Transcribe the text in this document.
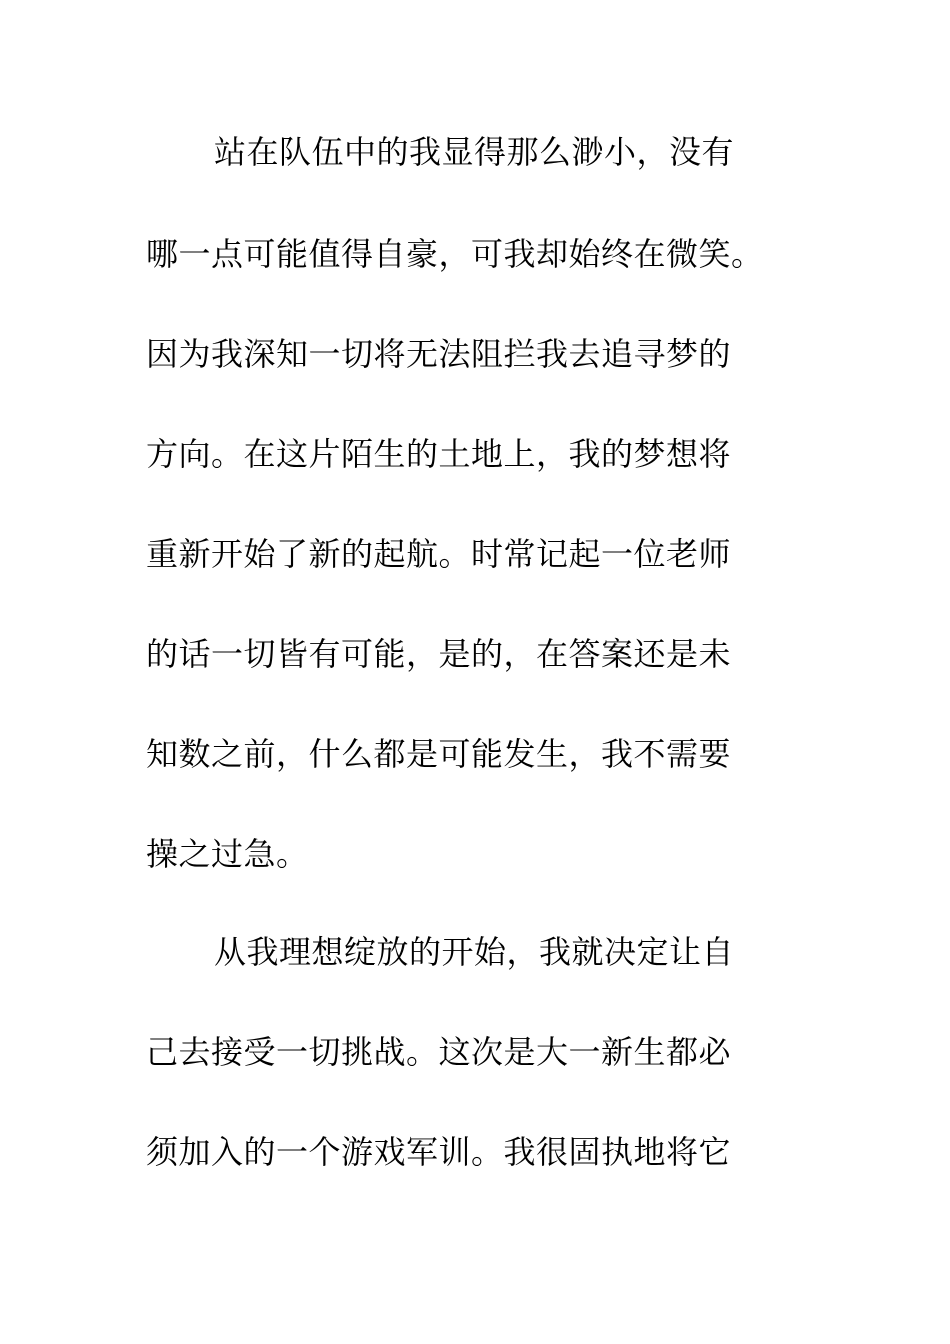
站在队伍中的我显得那么渺小，没有
哪一点可能值得自豪，可我却始终在微笑。
因为我深知一切将无法阻拦我去追寻梦的
方向。在这片陌生的土地上，我的梦想将
重新开始了新的起航。时常记起一位老师
的话一切皆有可能，是的，在答案还是未
知数之前，什么都是可能发生，我不需要
操之过急。
从我理想绽放的开始，我就决定让自
己去接受一切挑战。这次是大一新生都必
须加入的一个游戏军训。我很固执地将它
